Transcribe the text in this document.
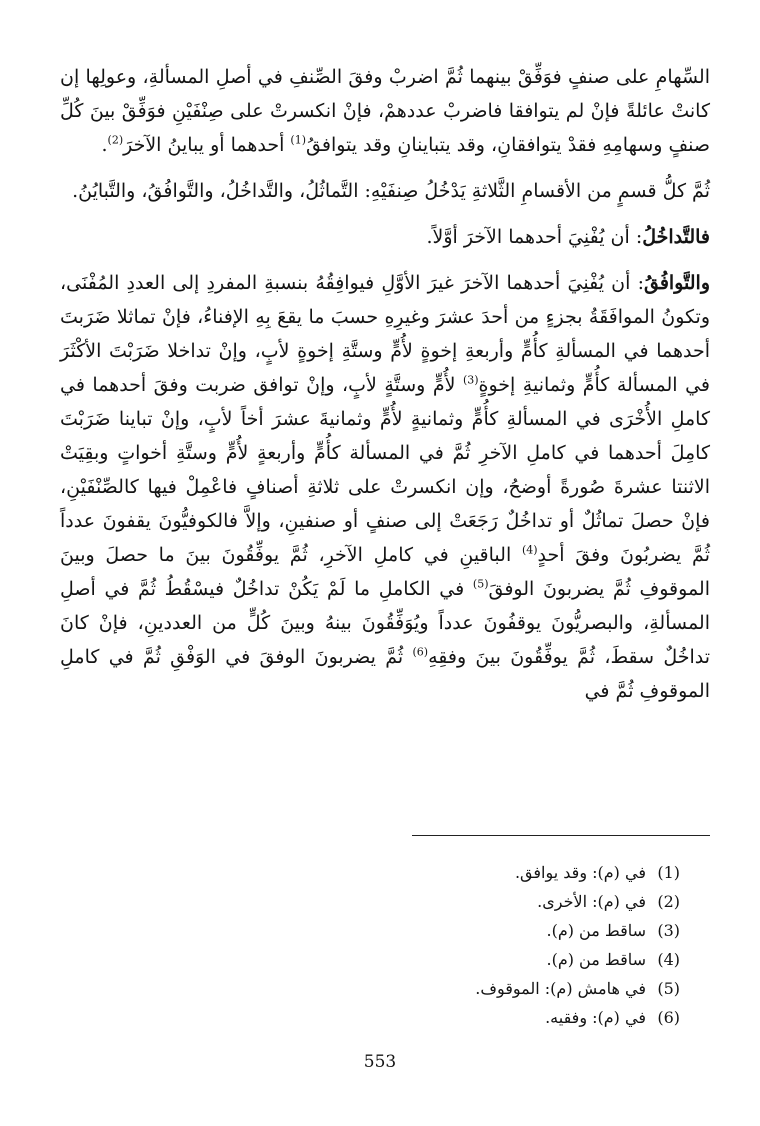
السِّهامِ على صنفٍ فوَفِّقْ بينهما ثُمَّ اضربْ وفقَ الصِّنفِ في أصلِ المسألةِ، وعولِها إن كانتْ عائلةً فإنْ لم يتوافقا فاضربْ عددهمْ، فإنْ انكسرتْ على صِنْفَيْنِ فوَفِّقْ بينَ كُلِّ صنفٍ وسهامِهِ فقدْ يتوافقانِ، وقد يتباينانِ وقد يتوافقُ$^{(1)}$ أحدهما أو يباينُ الآخرَ$^{(2)}$.

ثُمَّ كلُّ قسمٍ من الأقسامِ الثَّلاثةِ يَدْخُلُ صِنفَيْهِ: التَّماثُلُ، والتَّداخُلُ، والتَّوافُقُ، والتَّبايُنُ.

فالتَّداخُلُ: أن يُفْنِيَ أحدهما الآخرَ أوَّلاً.

والتَّوافُقُ: أن يُفْنِيَ أحدهما الآخرَ غيرَ الأوَّلِ فيوافِقُهُ بنسبةِ المفردِ إلى العددِ المُفْنَى، وتكونُ الموافَقَةُ بجزءٍ من أحدَ عشرَ وغيرِهِ حسبَ ما يقعَ بِهِ الإفناءُ، فإنْ تماثلا ضَرَبتَ أحدهما في المسألةِ كأُمٍّ وأربعةِ إخوةٍ لأُمٍّ وستَّةِ إخوةٍ لأبٍ، وإنْ تداخلا ضَرَبْتَ الأكْثَرَ في المسألة كأُمٍّ وثمانيةِ إخوةٍ$^{(3)}$ لأُمٍّ وستَّةٍ لأبٍ، وإنْ توافق ضربت وفقَ أحدهما في كاملِ الأُخْرَى في المسألةِ كأُمٍّ وثمانيةٍ لأُمٍّ وثمانيةَ عشرَ أخاً لأبٍ، وإنْ تباينا ضَرَبْتَ كامِلَ أحدهما في كاملِ الآخرِ ثُمَّ في المسألة كأُمٍّ وأربعةٍ لأُمٍّ وستَّةِ أخواتٍ وبقِيَتْ الاثنتا عشرةَ صُورةً أوضحُ، وإن انكسرتْ على ثلاثةِ أصنافٍ فاعْمِلْ فيها كالصِّنْفَيْنِ، فإنْ حصلَ تماثُلٌ أو تداخُلٌ رَجَعَتْ إلى صنفٍ أو صنفينِ، وإلاَّ فالكوفيُّونَ يقفونَ عدداً ثُمَّ يضربُونَ وفقَ أحدٍ$^{(4)}$ الباقينِ في كاملِ الآخرِ، ثُمَّ يوفِّقُونَ بينَ ما حصلَ وبينَ الموقوفِ ثُمَّ يضربونَ الوفقَ$^{(5)}$ في الكاملِ ما لَمْ يَكُنْ تداخُلٌ فيسْقُطُ ثُمَّ في أصلِ المسألةِ، والبصريُّونَ يوقفُونَ عدداً ويُوَفِّقُونَ بينهُ وبينَ كُلٍّ من العددينِ، فإنْ كانَ تداخُلٌ سقطَ، ثُمَّ يوفِّقُونَ بينَ وفقِهِ$^{(6)}$ ثُمَّ يضربونَ الوفقَ في الوَفْقِ ثُمَّ في كاملِ الموقوفِ ثُمَّ في

(1)في (م): وقد يوافق.
(2)في (م): الأخرى.
(3)ساقط من (م).
(4)ساقط من (م).
(5)في هامش (م): الموقوف.
(6)في (م): وفقيه.
553
